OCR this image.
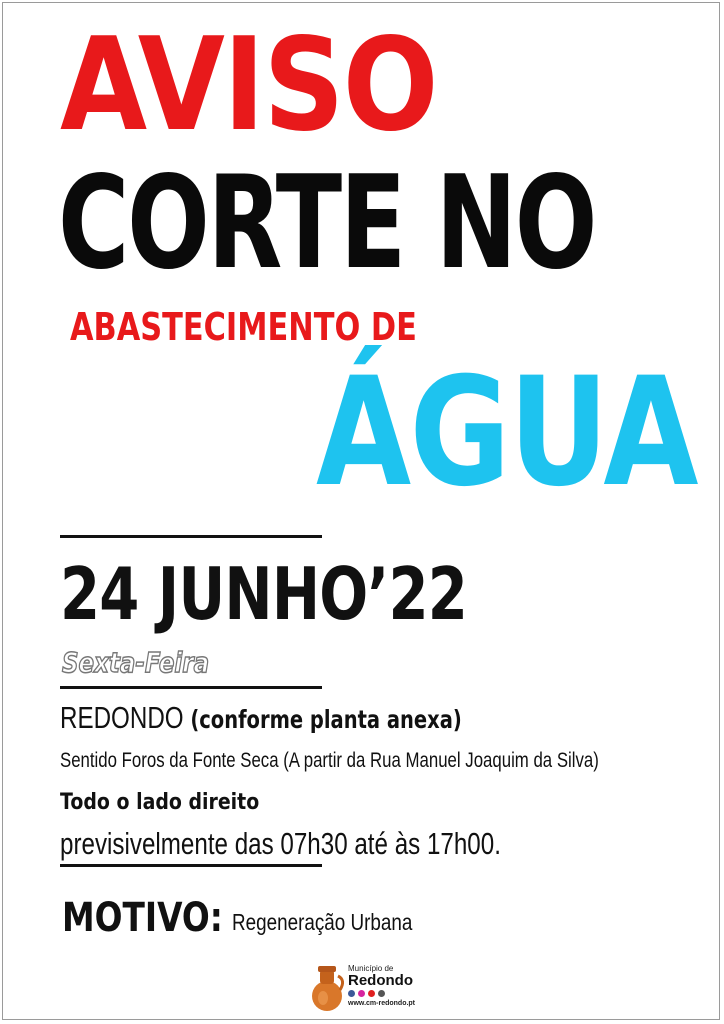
AVISO
CORTE NO
ABASTECIMENTO DE
ÁGUA
24 JUNHO’22
Sexta-Feira
REDONDO (conforme planta anexa)
Sentido Foros da Fonte Seca (A partir da Rua Manuel Joaquim da Silva)
Todo o lado direito
previsivelmente das 07h30 até às 17h00.
MOTIVO: Regeneração Urbana
Município de
Redondo
www.cm-redondo.pt
